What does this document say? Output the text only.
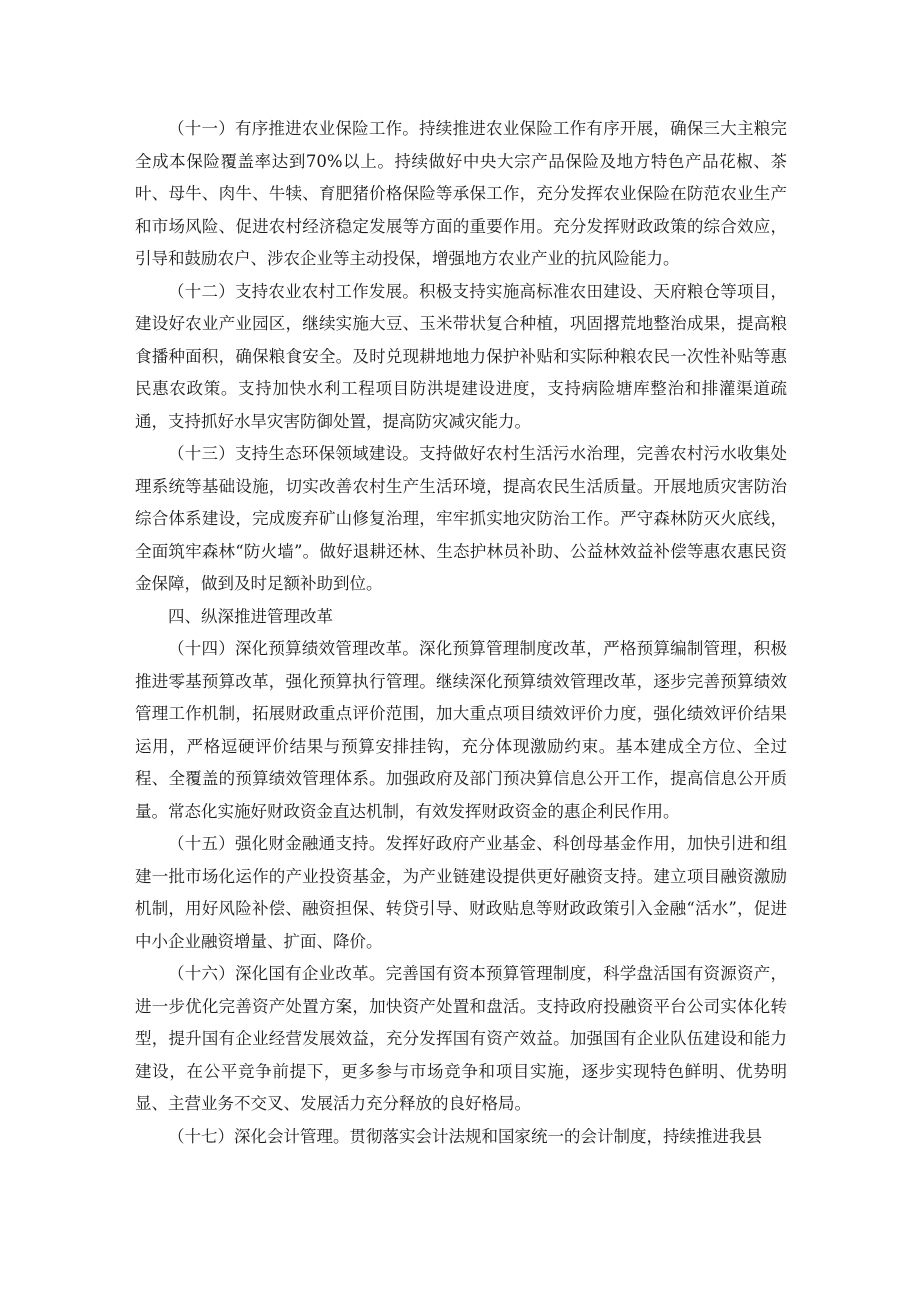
（十一）有序推进农业保险工作。持续推进农业保险工作有序开展，确保三大主粮完全成本保险覆盖率达到70%以上。持续做好中央大宗产品保险及地方特色产品花椒、茶叶、母牛、肉牛、牛犊、育肥猪价格保险等承保工作，充分发挥农业保险在防范农业生产和市场风险、促进农村经济稳定发展等方面的重要作用。充分发挥财政政策的综合效应，引导和鼓励农户、涉农企业等主动投保，增强地方农业产业的抗风险能力。

（十二）支持农业农村工作发展。积极支持实施高标准农田建设、天府粮仓等项目，建设好农业产业园区，继续实施大豆、玉米带状复合种植，巩固撂荒地整治成果，提高粮食播种面积，确保粮食安全。及时兑现耕地地力保护补贴和实际种粮农民一次性补贴等惠民惠农政策。支持加快水利工程项目防洪堤建设进度，支持病险塘库整治和排灌渠道疏通，支持抓好水旱灾害防御处置，提高防灾减灾能力。

（十三）支持生态环保领域建设。支持做好农村生活污水治理，完善农村污水收集处理系统等基础设施，切实改善农村生产生活环境，提高农民生活质量。开展地质灾害防治综合体系建设，完成废弃矿山修复治理，牢牢抓实地灾防治工作。严守森林防灭火底线，全面筑牢森林“防火墙”。做好退耕还林、生态护林员补助、公益林效益补偿等惠农惠民资金保障，做到及时足额补助到位。

四、纵深推进管理改革

（十四）深化预算绩效管理改革。深化预算管理制度改革，严格预算编制管理，积极推进零基预算改革，强化预算执行管理。继续深化预算绩效管理改革，逐步完善预算绩效管理工作机制，拓展财政重点评价范围，加大重点项目绩效评价力度，强化绩效评价结果运用，严格逗硬评价结果与预算安排挂钩，充分体现激励约束。基本建成全方位、全过程、全覆盖的预算绩效管理体系。加强政府及部门预决算信息公开工作，提高信息公开质量。常态化实施好财政资金直达机制，有效发挥财政资金的惠企利民作用。

（十五）强化财金融通支持。发挥好政府产业基金、科创母基金作用，加快引进和组建一批市场化运作的产业投资基金，为产业链建设提供更好融资支持。建立项目融资激励机制，用好风险补偿、融资担保、转贷引导、财政贴息等财政政策引入金融“活水”，促进中小企业融资增量、扩面、降价。

（十六）深化国有企业改革。完善国有资本预算管理制度，科学盘活国有资源资产，进一步优化完善资产处置方案，加快资产处置和盘活。支持政府投融资平台公司实体化转型，提升国有企业经营发展效益，充分发挥国有资产效益。加强国有企业队伍建设和能力建设，在公平竞争前提下，更多参与市场竞争和项目实施，逐步实现特色鲜明、优势明显、主营业务不交叉、发展活力充分释放的良好格局。

（十七）深化会计管理。贯彻落实会计法规和国家统一的会计制度，持续推进我县
